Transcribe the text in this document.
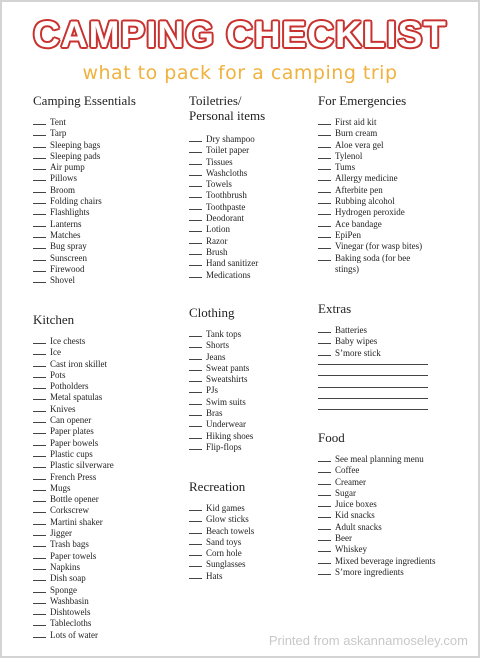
CAMPING CHECKLIST
what to pack for a camping trip
Camping Essentials
Tent
Tarp
Sleeping bags
Sleeping pads
Air pump
Pillows
Broom
Folding chairs
Flashlights
Lanterns
Matches
Bug spray
Sunscreen
Firewood
Shovel
Kitchen
Ice chests
Ice
Cast iron skillet
Pots
Potholders
Metal spatulas
Knives
Can opener
Paper plates
Paper bowels
Plastic cups
Plastic silverware
French Press
Mugs
Bottle opener
Corkscrew
Martini shaker
Jigger
Trash bags
Paper towels
Napkins
Dish soap
Sponge
Washbasin
Dishtowels
Tablecloths
Lots of water
Toiletries/
Personal items
Dry shampoo
Toilet paper
Tissues
Washcloths
Towels
Toothbrush
Toothpaste
Deodorant
Lotion
Razor
Brush
Hand sanitizer
Medications
Clothing
Tank tops
Shorts
Jeans
Sweat pants
Sweatshirts
PJs
Swim suits
Bras
Underwear
Hiking shoes
Flip-flops
Recreation
Kid games
Glow sticks
Beach towels
Sand toys
Corn hole
Sunglasses
Hats
For Emergencies
First aid kit
Burn cream
Aloe vera gel
Tylenol
Tums
Allergy medicine
Afterbite pen
Rubbing alcohol
Hydrogen peroxide
Ace bandage
EpiPen
Vinegar (for wasp bites)
Baking soda (for bee
stings)
Extras
Batteries
Baby wipes
S’more stick
Food
See meal planning menu
Coffee
Creamer
Sugar
Juice boxes
Kid snacks
Adult snacks
Beer
Whiskey
Mixed beverage ingredients
S’more ingredients
Printed from askannamoseley.com
